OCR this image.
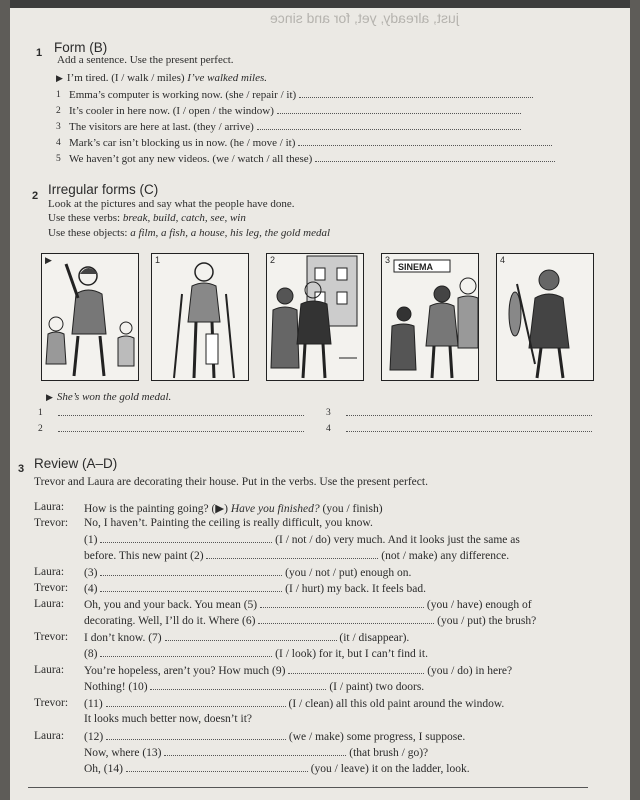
just, already, yet, for and since
1 Form (B)
Add a sentence. Use the present perfect.
▶ I’m tired. (I / walk / miles) I’ve walked miles.
1 Emma’s computer is working now. (she / repair / it)
2 It’s cooler in here now. (I / open / the window)
3 The visitors are here at last. (they / arrive)
4 Mark’s car isn’t blocking us in now. (he / move / it)
5 We haven’t got any new videos. (we / watch / all these)
2 Irregular forms (C)
Look at the pictures and say what the people have done.
Use these verbs: break, build, catch, see, win
Use these objects: a film, a fish, a house, his leg, the gold medal
▶	1	2	3
SINEMA
4
▶ She’s won the gold medal.
1	3
2	4
3 Review (A–D)
Trevor and Laura are decorating their house. Put in the verbs. Use the present perfect.
Laura: How is the painting going? (▶) Have you finished? (you / finish)
Trevor: No, I haven’t. Painting the ceiling is really difficult, you know.
(1)	(I / not / do) very much. And it looks just the same as
before. This new paint (2)	(not / make) any difference.
Laura: (3)	(you / not / put) enough on.
Trevor: (4)	(I / hurt) my back. It feels bad.
Laura: Oh, you and your back. You mean (5)	(you / have) enough of
decorating. Well, I’ll do it. Where (6)	(you / put) the brush?
Trevor: I don’t know. (7)	(it / disappear).
(8)	(I / look) for it, but I can’t find it.
Laura: You’re hopeless, aren’t you? How much (9)	(you / do) in here?
Nothing! (10)	(I / paint) two doors.
Trevor: (11)	(I / clean) all this old paint around the window.
It looks much better now, doesn’t it?
Laura: (12)	(we / make) some progress, I suppose.
Now, where (13)	(that brush / go)?
Oh, (14)	(you / leave) it on the ladder, look.
